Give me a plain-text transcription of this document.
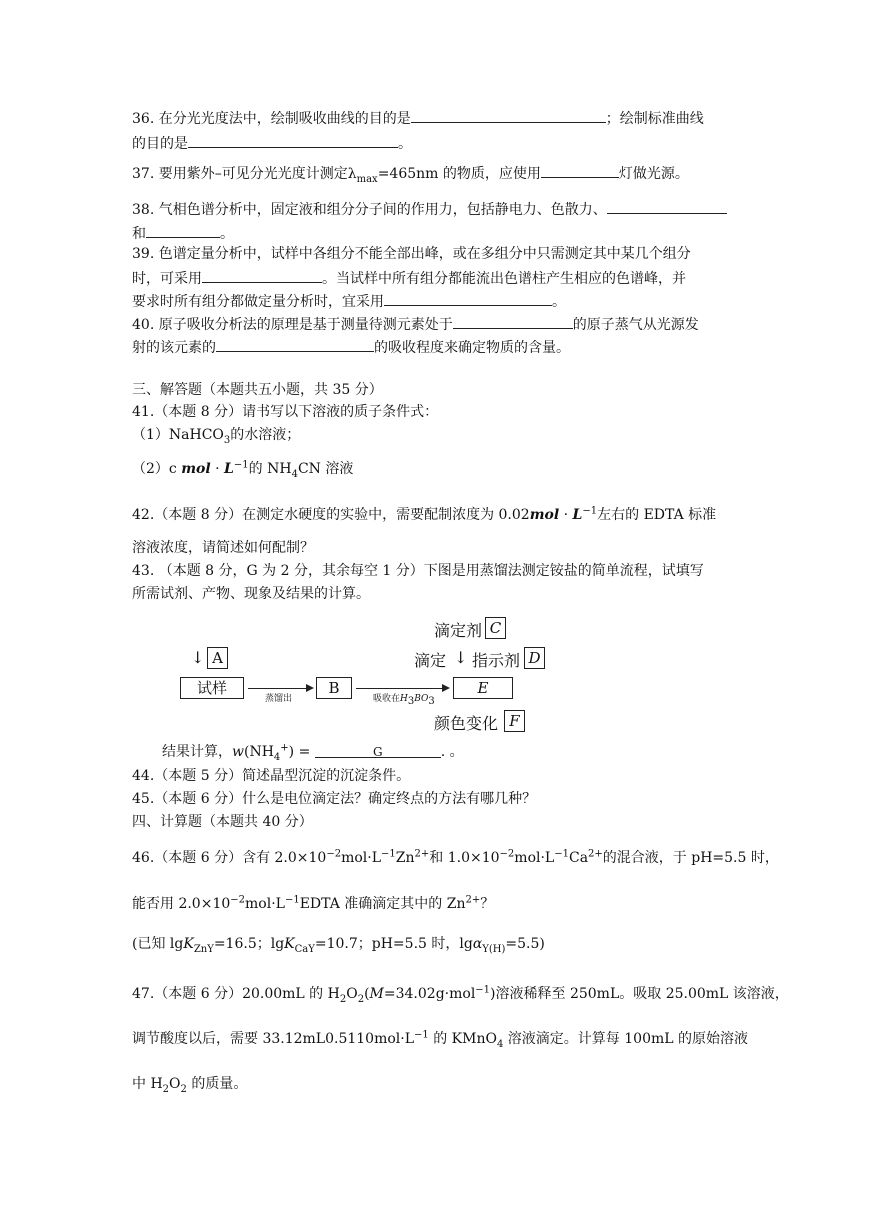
36. 在分光光度法中，绘制吸收曲线的目的是	；绘制标准曲线
的目的是	。
37. 要用紫外–可见分光光度计测定$\lambda_{max}=465nm$ 的物质，应使用	灯做光源。
38. 气相色谱分析中，固定液和组分分子间的作用力，包括静电力、色散力、
和	。
39. 色谱定量分析中，试样中各组分不能全部出峰，或在多组分中只需测定其中某几个组分
时，可采用	。当试样中所有组分都能流出色谱柱产生相应的色谱峰，并
要求时所有组分都做定量分析时，宜采用	。
40. 原子吸收分析法的原理是基于测量待测元素处于	的原子蒸气从光源发
射的该元素的	的吸收程度来确定物质的含量。
三、解答题（本题共五小题，共 35 分）
41.（本题 8 分）请书写以下溶液的质子条件式：
（1）NaHCO$_3$的水溶液；
（2）c mol · $L^{-1}$的 $NH_4CN$ 溶液
42.（本题 8 分）在测定水硬度的实验中，需要配制浓度为 $0.02mol \cdot L^{-1}$左右的 EDTA 标准
溶液浓度，请简述如何配制？
43. （本题 8 分，G 为 2 分，其余每空 1 分）下图是用蒸馏法测定铵盐的简单流程，试填写
所需试剂、产物、现象及结果的计算。
滴定剂 C
↓ A	滴定 ↓ 指示剂 D
试样
蒸馏出
B
吸收在$H_3BO_3$
E
颜色变化 F
结果计算，$w(NH_4^+)$ =	G	. 。
44.（本题 5 分）简述晶型沉淀的沉淀条件。
45.（本题 6 分）什么是电位滴定法？确定终点的方法有哪几种？
四、计算题（本题共 40 分）
46.（本题 6 分）含有 $2.0\times 10^{-2}mol\cdot L^{-1}Zn^{2+}$和 $1.0\times 10^{-2}mol\cdot L^{-1}Ca^{2+}$的混合液，于 pH=5.5 时，
能否用 $2.0\times 10^{-2}mol\cdot L^{-1}EDTA$ 准确滴定其中的 $Zn^{2+}$？
(已知 lgK$_{ZnY}$=16.5；lgK$_{CaY}$=10.7；pH=5.5 时，lgα$_{Y(H)}$=5.5)
47.（本题 6 分）20.00mL 的 $H_2O_2(M=34.02g\cdot mol^{-1})$溶液稀释至 250mL。吸取 25.00mL 该溶液，
调节酸度以后，需要 $33.12mL0.5110mol\cdot L^{-1}$ 的 KMnO$_4$ 溶液滴定。计算每 100mL 的原始溶液
中 $H_2O_2$ 的质量。
